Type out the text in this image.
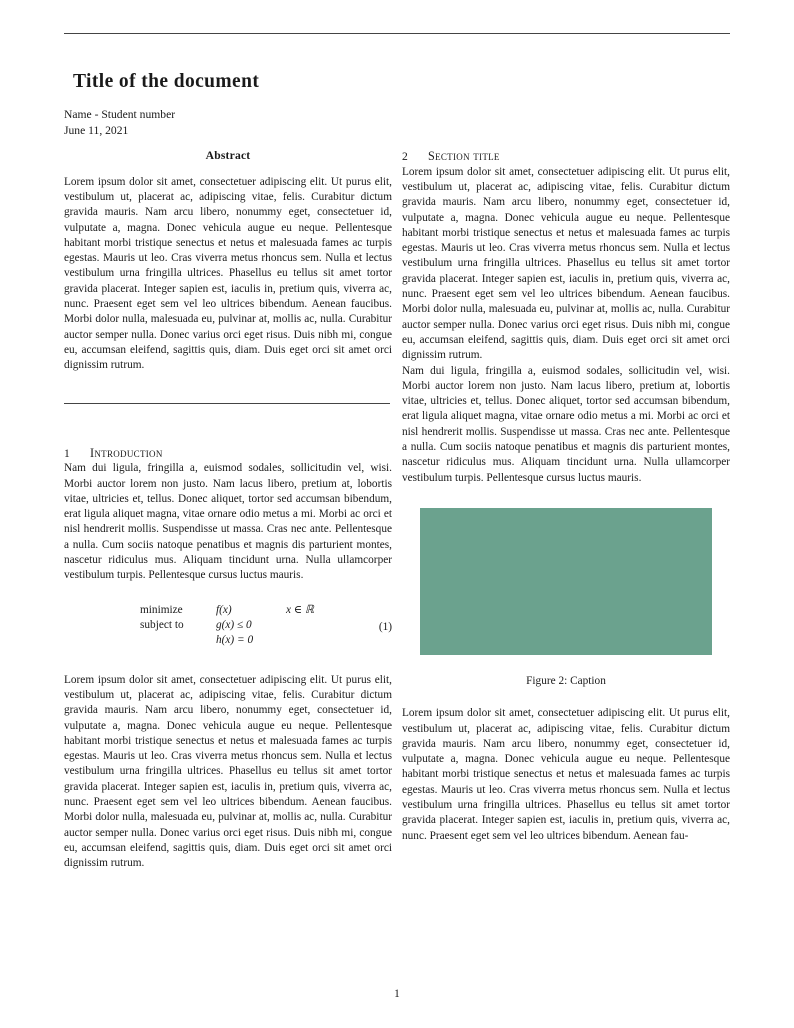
Title of the document
Name - Student number
June 11, 2021
Abstract

Lorem ipsum dolor sit amet, consectetuer adipiscing elit. Ut purus elit, vestibulum ut, placerat ac, adipiscing vitae, felis. Curabitur dictum gravida mauris. Nam arcu libero, nonummy eget, consectetuer id, vulputate a, magna. Donec vehicula augue eu neque. Pellentesque habitant morbi tristique senectus et netus et malesuada fames ac turpis egestas. Mauris ut leo. Cras viverra metus rhoncus sem. Nulla et lectus vestibulum urna fringilla ultrices. Phasellus eu tellus sit amet tortor gravida placerat. Integer sapien est, iaculis in, pretium quis, viverra ac, nunc. Praesent eget sem vel leo ultrices bibendum. Aenean faucibus. Morbi dolor nulla, malesuada eu, pulvinar at, mollis ac, nulla. Curabitur auctor semper nulla. Donec varius orci eget risus. Duis nibh mi, congue eu, accumsan eleifend, sagittis quis, diam. Duis eget orci sit amet orci dignissim rutrum.

1	Introduction

Nam dui ligula, fringilla a, euismod sodales, sollicitudin vel, wisi. Morbi auctor lorem non justo. Nam lacus libero, pretium at, lobortis vitae, ultricies et, tellus. Donec aliquet, tortor sed accumsan bibendum, erat ligula aliquet magna, vitae ornare odio metus a mi. Morbi ac orci et nisl hendrerit mollis. Suspendisse ut massa. Cras nec ante. Pellentesque a nulla. Cum sociis natoque penatibus et magnis dis parturient montes, nascetur ridiculus mus. Aliquam tincidunt urna. Nulla ullamcorper vestibulum turpis. Pellentesque cursus luctus mauris.

minimize	f(x)	x ∈ ℝ
subject to	g(x) ≤ 0
h(x) = 0
(1)

Lorem ipsum dolor sit amet, consectetuer adipiscing elit. Ut purus elit, vestibulum ut, placerat ac, adipiscing vitae, felis. Curabitur dictum gravida mauris. Nam arcu libero, nonummy eget, consectetuer id, vulputate a, magna. Donec vehicula augue eu neque. Pellentesque habitant morbi tristique senectus et netus et malesuada fames ac turpis egestas. Mauris ut leo. Cras viverra metus rhoncus sem. Nulla et lectus vestibulum urna fringilla ultrices. Phasellus eu tellus sit amet tortor gravida placerat. Integer sapien est, iaculis in, pretium quis, viverra ac, nunc. Praesent eget sem vel leo ultrices bibendum. Aenean faucibus. Morbi dolor nulla, malesuada eu, pulvinar at, mollis ac, nulla. Curabitur auctor semper nulla. Donec varius orci eget risus. Duis nibh mi, congue eu, accumsan eleifend, sagittis quis, diam. Duis eget orci sit amet orci dignissim rutrum.

2	Section title

Lorem ipsum dolor sit amet, consectetuer adipiscing elit. Ut purus elit, vestibulum ut, placerat ac, adipiscing vitae, felis. Curabitur dictum gravida mauris. Nam arcu libero, nonummy eget, consectetuer id, vulputate a, magna. Donec vehicula augue eu neque. Pellentesque habitant morbi tristique senectus et netus et malesuada fames ac turpis egestas. Mauris ut leo. Cras viverra metus rhoncus sem. Nulla et lectus vestibulum urna fringilla ultrices. Phasellus eu tellus sit amet tortor gravida placerat. Integer sapien est, iaculis in, pretium quis, viverra ac, nunc. Praesent eget sem vel leo ultrices bibendum. Aenean faucibus. Morbi dolor nulla, malesuada eu, pulvinar at, mollis ac, nulla. Curabitur auctor semper nulla. Donec varius orci eget risus. Duis nibh mi, congue eu, accumsan eleifend, sagittis quis, diam. Duis eget orci sit amet orci dignissim rutrum.

Nam dui ligula, fringilla a, euismod sodales, sollicitudin vel, wisi. Morbi auctor lorem non justo. Nam lacus libero, pretium at, lobortis vitae, ultricies et, tellus. Donec aliquet, tortor sed accumsan bibendum, erat ligula aliquet magna, vitae ornare odio metus a mi. Morbi ac orci et nisl hendrerit mollis. Suspendisse ut massa. Cras nec ante. Pellentesque a nulla. Cum sociis natoque penatibus et magnis dis parturient montes, nascetur ridiculus mus. Aliquam tincidunt urna. Nulla ullamcorper vestibulum turpis. Pellentesque cursus luctus mauris.

Figure 2: Caption

Lorem ipsum dolor sit amet, consectetuer adipiscing elit. Ut purus elit, vestibulum ut, placerat ac, adipiscing vitae, felis. Curabitur dictum gravida mauris. Nam arcu libero, nonummy eget, consectetuer id, vulputate a, magna. Donec vehicula augue eu neque. Pellentesque habitant morbi tristique senectus et netus et malesuada fames ac turpis egestas. Mauris ut leo. Cras viverra metus rhoncus sem. Nulla et lectus vestibulum urna fringilla ultrices. Phasellus eu tellus sit amet tortor gravida placerat. Integer sapien est, iaculis in, pretium quis, viverra ac, nunc. Praesent eget sem vel leo ultrices bibendum. Aenean fau-

1
